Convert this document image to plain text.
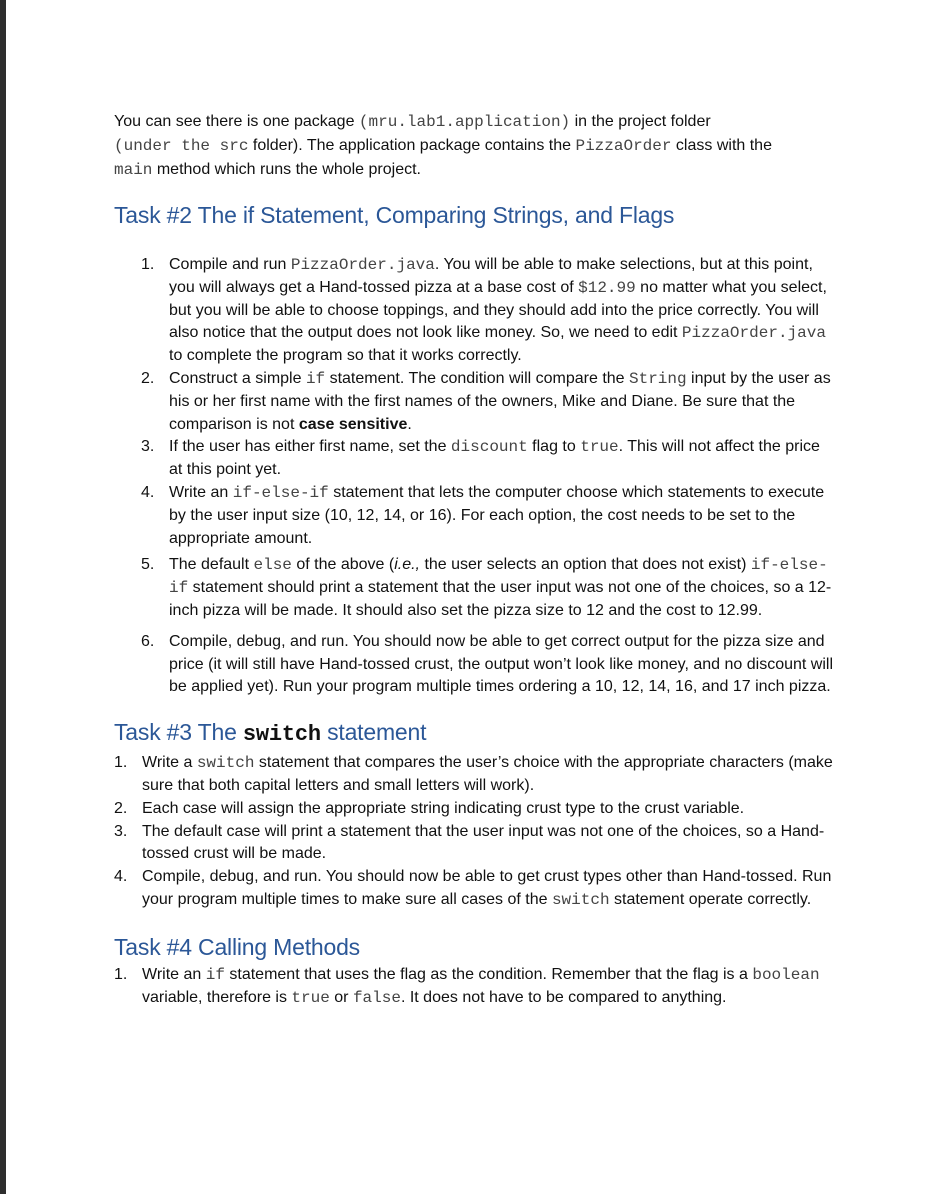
You can see there is one package (mru.lab1.application) in the project folder
(under the src folder). The application package contains the PizzaOrder class with the
main method which runs the whole project.

Task #2 The if Statement, Comparing Strings, and Flags
1. Compile and run PizzaOrder.java. You will be able to make selections, but at this point, you will always get a Hand-tossed pizza at a base cost of $12.99 no matter what you select, but you will be able to choose toppings, and they should add into the price correctly. You will also notice that the output does not look like money. So, we need to edit PizzaOrder.java to complete the program so that it works correctly.
2. Construct a simple if statement. The condition will compare the String input by the user as his or her first name with the first names of the owners, Mike and Diane. Be sure that the comparison is not case sensitive.
3. If the user has either first name, set the discount flag to true. This will not affect the price at this point yet.
4. Write an if-else-if statement that lets the computer choose which statements to execute by the user input size (10, 12, 14, or 16). For each option, the cost needs to be set to the appropriate amount.
5. The default else of the above (i.e., the user selects an option that does not exist) if-else-if statement should print a statement that the user input was not one of the choices, so a 12-inch pizza will be made. It should also set the pizza size to 12 and the cost to 12.99.
6. Compile, debug, and run. You should now be able to get correct output for the pizza size and price (it will still have Hand-tossed crust, the output won’t look like money, and no discount will be applied yet). Run your program multiple times ordering a 10, 12, 14, 16, and 17 inch pizza.
Task #3 The switch statement
1. Write a switch statement that compares the user’s choice with the appropriate characters (make sure that both capital letters and small letters will work).
2. Each case will assign the appropriate string indicating crust type to the crust variable.
3. The default case will print a statement that the user input was not one of the choices, so a Hand-tossed crust will be made.
4. Compile, debug, and run. You should now be able to get crust types other than Hand-tossed. Run your program multiple times to make sure all cases of the switch statement operate correctly.
Task #4 Calling Methods
1. Write an if statement that uses the flag as the condition. Remember that the flag is a boolean variable, therefore is true or false. It does not have to be compared to anything.
